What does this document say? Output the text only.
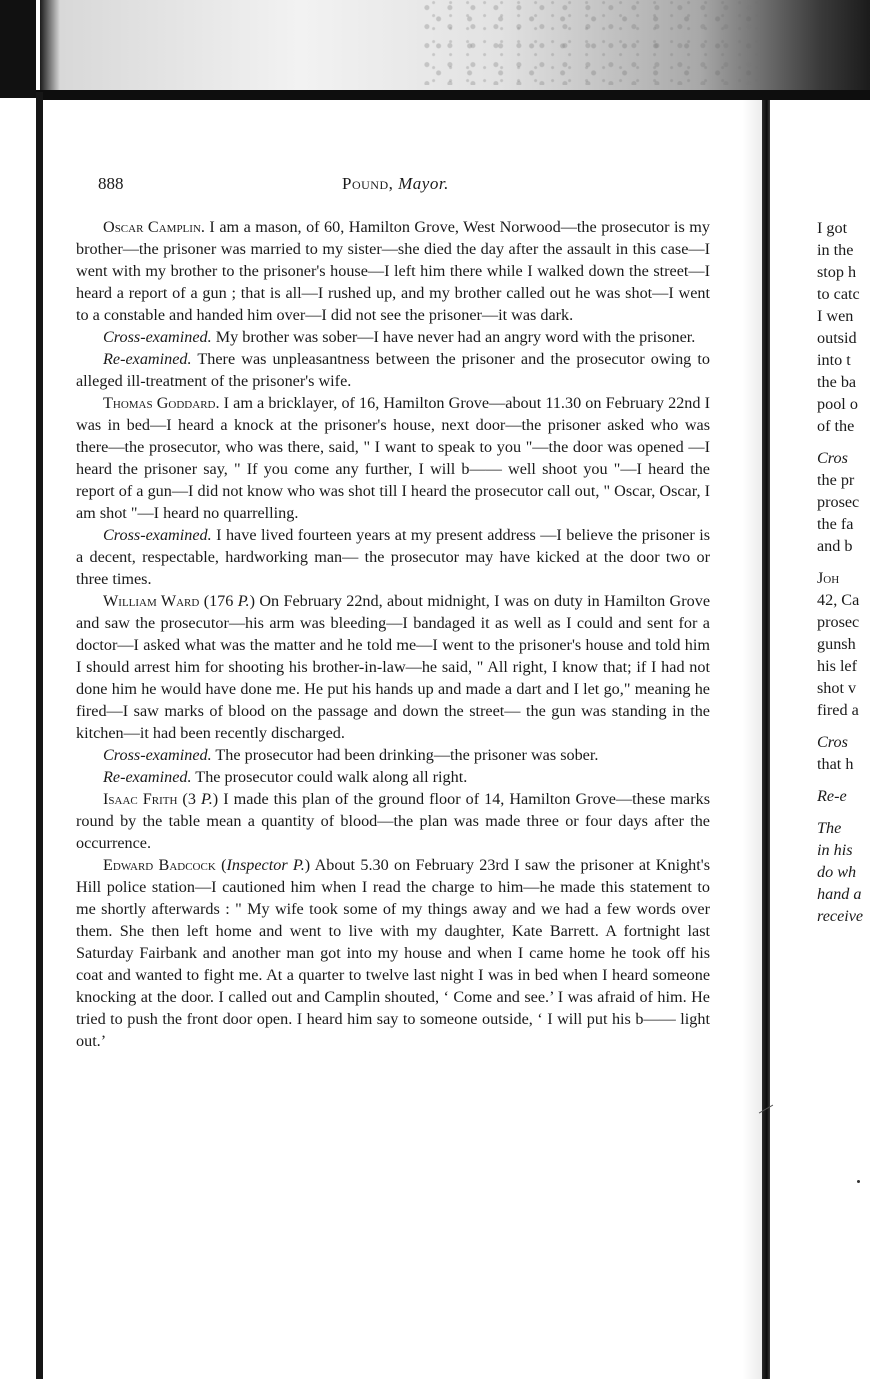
888	Pound, Mayor.

Oscar Camplin. I am a mason, of 60, Hamilton Grove, West Norwood—the prosecutor is my brother—the prisoner was married to my sister—she died the day after the assault in this case—I went with my brother to the prisoner's house—I left him there while I walked down the street—I heard a report of a gun ; that is all—I rushed up, and my brother called out he was shot—I went to a constable and handed him over—I did not see the prisoner—it was dark.

Cross-examined. My brother was sober—I have never had an angry word with the prisoner.

Re-examined. There was unpleasantness between the prisoner and the prosecutor owing to alleged ill-treatment of the prisoner's wife.

Thomas Goddard. I am a bricklayer, of 16, Hamilton Grove—about 11.30 on February 22nd I was in bed—I heard a knock at the prisoner's house, next door—the prisoner asked who was there—the prosecutor, who was there, said, " I want to speak to you "—the door was opened —I heard the prisoner say, " If you come any further, I will b—— well shoot you "—I heard the report of a gun—I did not know who was shot till I heard the prosecutor call out, " Oscar, Oscar, I am shot "—I heard no quarrelling.

Cross-examined. I have lived fourteen years at my present address —I believe the prisoner is a decent, respectable, hardworking man— the prosecutor may have kicked at the door two or three times.

William Ward (176 P.) On February 22nd, about midnight, I was on duty in Hamilton Grove and saw the prosecutor—his arm was bleeding—I bandaged it as well as I could and sent for a doctor—I asked what was the matter and he told me—I went to the prisoner's house and told him I should arrest him for shooting his brother-in-law—he said, " All right, I know that; if I had not done him he would have done me. He put his hands up and made a dart and I let go," meaning he fired—I saw marks of blood on the passage and down the street— the gun was standing in the kitchen—it had been recently discharged.

Cross-examined. The prosecutor had been drinking—the prisoner was sober.

Re-examined. The prosecutor could walk along all right.

Isaac Frith (3 P.) I made this plan of the ground floor of 14, Hamilton Grove—these marks round by the table mean a quantity of blood—the plan was made three or four days after the occurrence.

Edward Badcock (Inspector P.) About 5.30 on February 23rd I saw the prisoner at Knight's Hill police station—I cautioned him when I read the charge to him—he made this statement to me shortly afterwards : " My wife took some of my things away and we had a few words over them. She then left home and went to live with my daughter, Kate Barrett. A fortnight last Saturday Fairbank and another man got into my house and when I came home he took off his coat and wanted to fight me. At a quarter to twelve last night I was in bed when I heard someone knocking at the door. I called out and Camplin shouted, ‘ Come and see.’ I was afraid of him. He tried to push the front door open. I heard him say to someone outside, ‘ I will put his b—— light out.’

I got
in the
stop h
to catc
I wen
outsid
into t
the ba
pool o
of the
Cros
the pr
prosec
the fa
and b
Joh
42, Ca
prosec
gunsh
his lef
shot v
fired a
Cros
that h
Re-e
The
in his
do wh
hand a
receive
